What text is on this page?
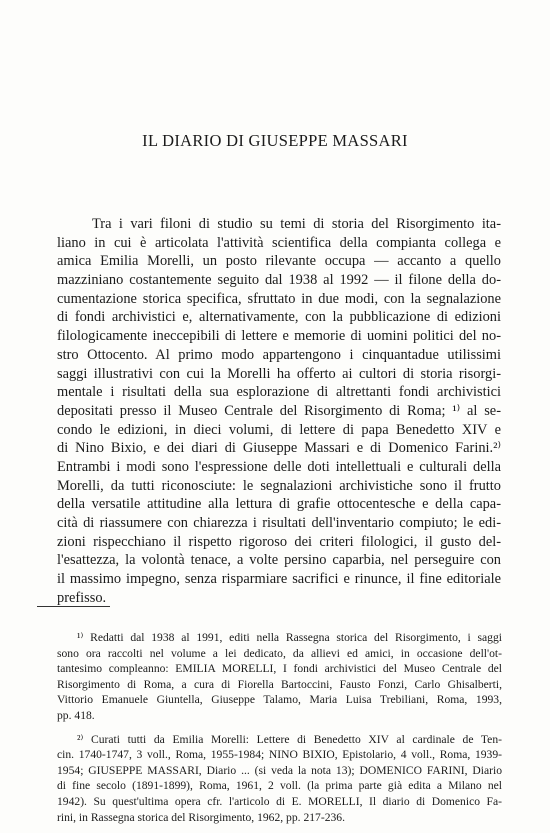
IL DIARIO DI GIUSEPPE MASSARI
Tra i vari filoni di studio su temi di storia del Risorgimento ita-
liano in cui è articolata l'attività scientifica della compianta collega e
amica Emilia Morelli, un posto rilevante occupa — accanto a quello
mazziniano costantemente seguito dal 1938 al 1992 — il filone della do-
cumentazione storica specifica, sfruttato in due modi, con la segnalazione
di fondi archivistici e, alternativamente, con la pubblicazione di edizioni
filologicamente ineccepibili di lettere e memorie di uomini politici del no-
stro Ottocento. Al primo modo appartengono i cinquantadue utilissimi
saggi illustrativi con cui la Morelli ha offerto ai cultori di storia risorgi-
mentale i risultati della sua esplorazione di altrettanti fondi archivistici
depositati presso il Museo Centrale del Risorgimento di Roma; ¹⁾ al se-
condo le edizioni, in dieci volumi, di lettere di papa Benedetto XIV e
di Nino Bixio, e dei diari di Giuseppe Massari e di Domenico Farini.²⁾
Entrambi i modi sono l'espressione delle doti intellettuali e culturali della
Morelli, da tutti riconosciute: le segnalazioni archivistiche sono il frutto
della versatile attitudine alla lettura di grafie ottocentesche e della capa-
cità di riassumere con chiarezza i risultati dell'inventario compiuto; le edi-
zioni rispecchiano il rispetto rigoroso dei criteri filologici, il gusto del-
l'esattezza, la volontà tenace, a volte persino caparbia, nel perseguire con
il massimo impegno, senza risparmiare sacrifici e rinunce, il fine editoriale
prefisso.
¹⁾ Redatti dal 1938 al 1991, editi nella Rassegna storica del Risorgimento, i saggi
sono ora raccolti nel volume a lei dedicato, da allievi ed amici, in occasione dell'ot-
tantesimo compleanno: EMILIA MORELLI, I fondi archivistici del Museo Centrale del
Risorgimento di Roma, a cura di Fiorella Bartoccini, Fausto Fonzi, Carlo Ghisalberti,
Vittorio Emanuele Giuntella, Giuseppe Talamo, Maria Luisa Trebiliani, Roma, 1993,
pp. 418.
²⁾ Curati tutti da Emilia Morelli: Lettere di Benedetto XIV al cardinale de Ten-
cin. 1740-1747, 3 voll., Roma, 1955-1984; NINO BIXIO, Epistolario, 4 voll., Roma, 1939-
1954; GIUSEPPE MASSARI, Diario ... (si veda la nota 13); DOMENICO FARINI, Diario
di fine secolo (1891-1899), Roma, 1961, 2 voll. (la prima parte già edita a Milano nel
1942). Su quest'ultima opera cfr. l'articolo di E. MORELLI, Il diario di Domenico Fa-
rini, in Rassegna storica del Risorgimento, 1962, pp. 217-236.
